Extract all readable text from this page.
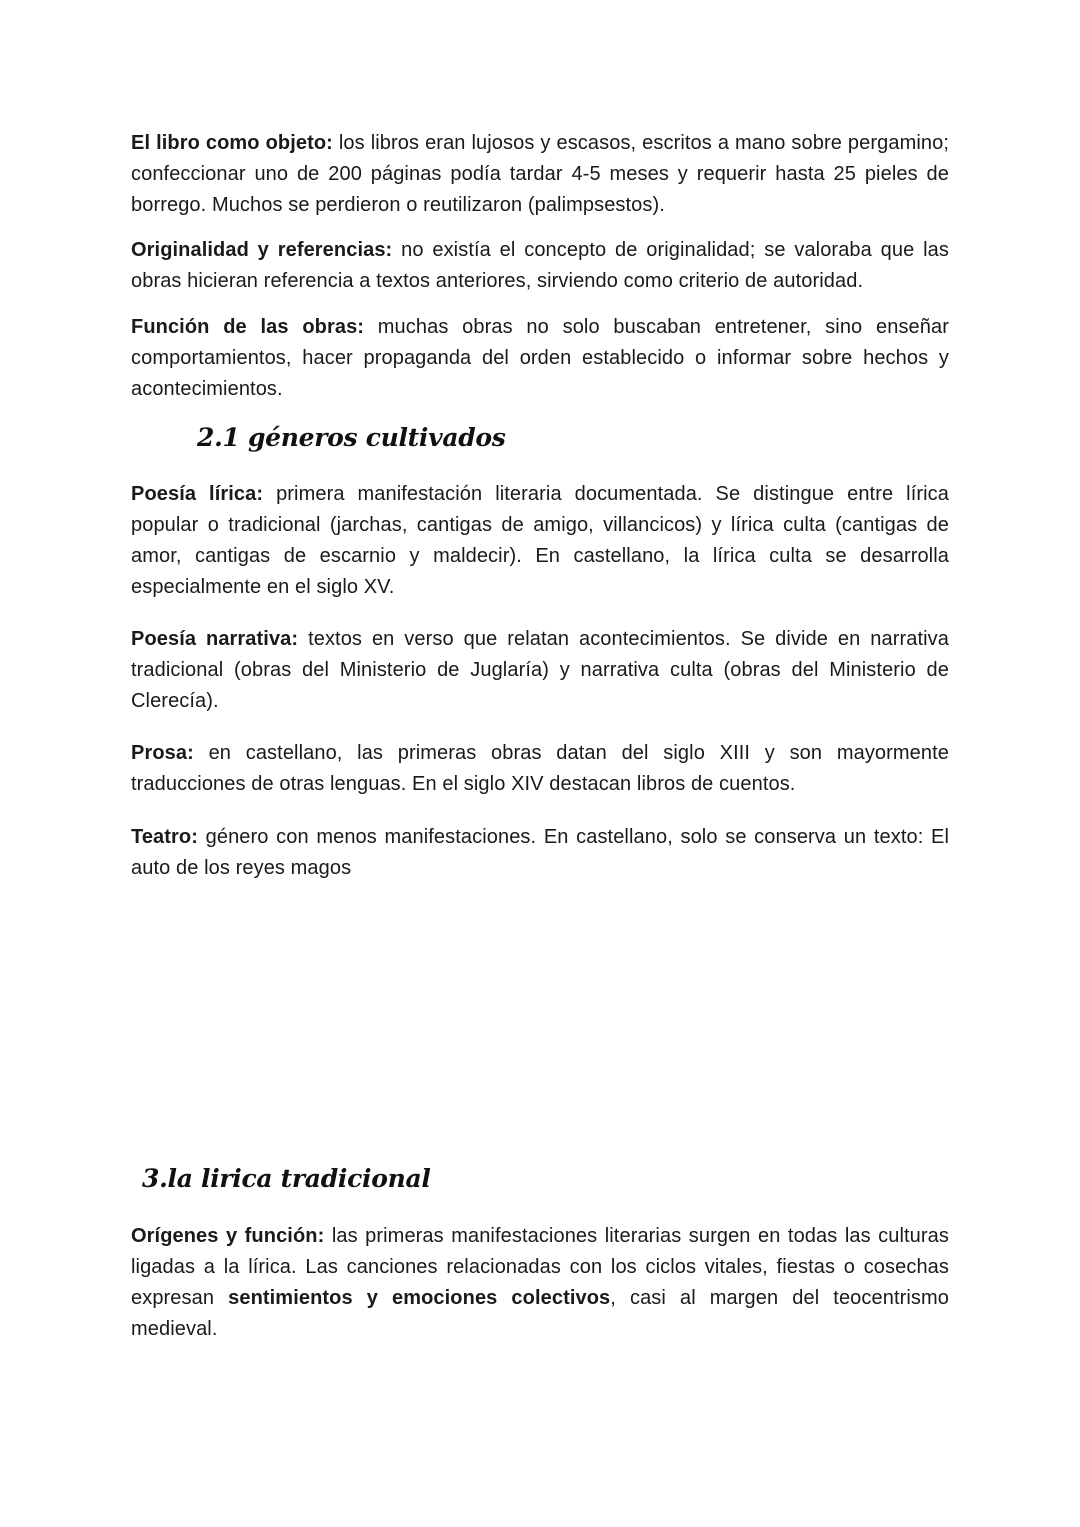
El libro como objeto: los libros eran lujosos y escasos, escritos a mano sobre pergamino; confeccionar uno de 200 páginas podía tardar 4-5 meses y requerir hasta 25 pieles de borrego. Muchos se perdieron o reutilizaron (palimpsestos).

Originalidad y referencias: no existía el concepto de originalidad; se valoraba que las obras hicieran referencia a textos anteriores, sirviendo como criterio de autoridad.

Función de las obras: muchas obras no solo buscaban entretener, sino enseñar comportamientos, hacer propaganda del orden establecido o informar sobre hechos y acontecimientos.

2.1 géneros cultivados

Poesía lírica: primera manifestación literaria documentada. Se distingue entre lírica popular o tradicional (jarchas, cantigas de amigo, villancicos) y lírica culta (cantigas de amor, cantigas de escarnio y maldecir). En castellano, la lírica culta se desarrolla especialmente en el siglo XV.

Poesía narrativa: textos en verso que relatan acontecimientos. Se divide en narrativa tradicional (obras del Ministerio de Juglaría) y narrativa culta (obras del Ministerio de Clerecía).

Prosa: en castellano, las primeras obras datan del siglo XIII y son mayormente traducciones de otras lenguas. En el siglo XIV destacan libros de cuentos.

Teatro: género con menos manifestaciones. En castellano, solo se conserva un texto: El auto de los reyes magos

3.la lirica tradicional

Orígenes y función: las primeras manifestaciones literarias surgen en todas las culturas ligadas a la lírica. Las canciones relacionadas con los ciclos vitales, fiestas o cosechas expresan sentimientos y emociones colectivos, casi al margen del teocentrismo medieval.
